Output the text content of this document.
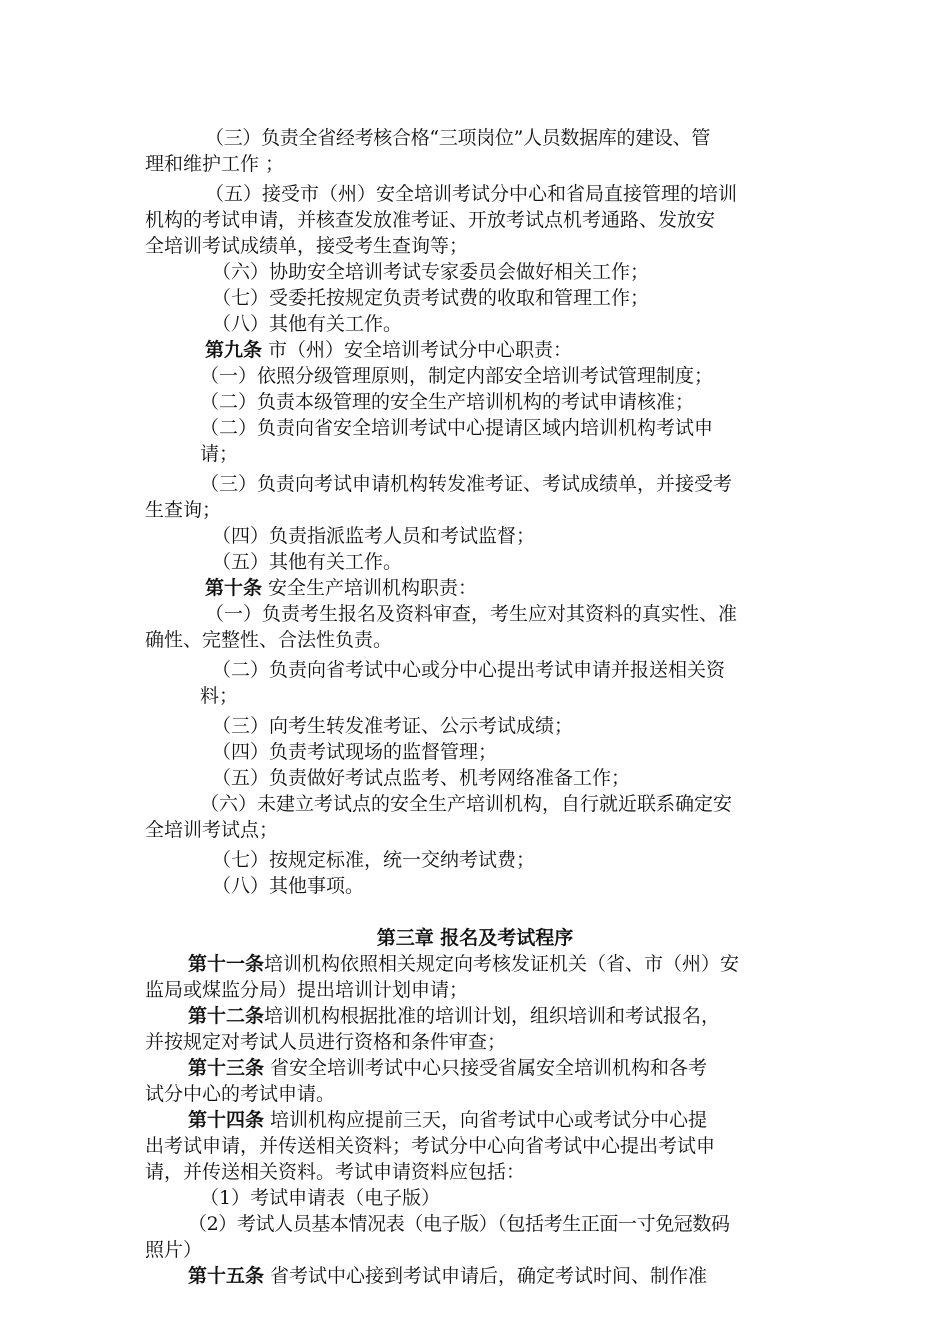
（三）负责全省经考核合格“三项岗位”人员数据库的建设、管
理和维护工作 ；
（五）接受市（州）安全培训考试分中心和省局直接管理的培训
机构的考试申请，并核查发放准考证、开放考试点机考通路、发放安
全培训考试成绩单，接受考生查询等；
（六）协助安全培训考试专家委员会做好相关工作；
（七）受委托按规定负责考试费的收取和管理工作；
（八）其他有关工作。
第九条 市（州）安全培训考试分中心职责：
（一）依照分级管理原则，制定内部安全培训考试管理制度；
（二）负责本级管理的安全生产培训机构的考试申请核准；
（二）负责向省安全培训考试中心提请区域内培训机构考试申
请；
（三）负责向考试申请机构转发准考证、考试成绩单，并接受考
生查询；
（四）负责指派监考人员和考试监督；
（五）其他有关工作。
第十条 安全生产培训机构职责：
（一）负责考生报名及资料审查，考生应对其资料的真实性、准
确性、完整性、合法性负责。
（二）负责向省考试中心或分中心提出考试申请并报送相关资
料；
（三）向考生转发准考证、公示考试成绩；
（四）负责考试现场的监督管理；
（五）负责做好考试点监考、机考网络准备工作；
（六）未建立考试点的安全生产培训机构，自行就近联系确定安
全培训考试点；
（七）按规定标准，统一交纳考试费；
（八）其他事项。
第三章 报名及考试程序
第十一条培训机构依照相关规定向考核发证机关（省、市（州）安
监局或煤监分局）提出培训计划申请；
第十二条培训机构根据批准的培训计划，组织培训和考试报名，
并按规定对考试人员进行资格和条件审查；
第十三条 省安全培训考试中心只接受省属安全培训机构和各考
试分中心的考试申请。
第十四条 培训机构应提前三天，向省考试中心或考试分中心提
出考试申请，并传送相关资料；考试分中心向省考试中心提出考试申
请，并传送相关资料。考试申请资料应包括：
（1）考试申请表（电子版）
（2）考试人员基本情况表（电子版）（包括考生正面一寸免冠数码
照片）
第十五条 省考试中心接到考试申请后，确定考试时间、制作准
